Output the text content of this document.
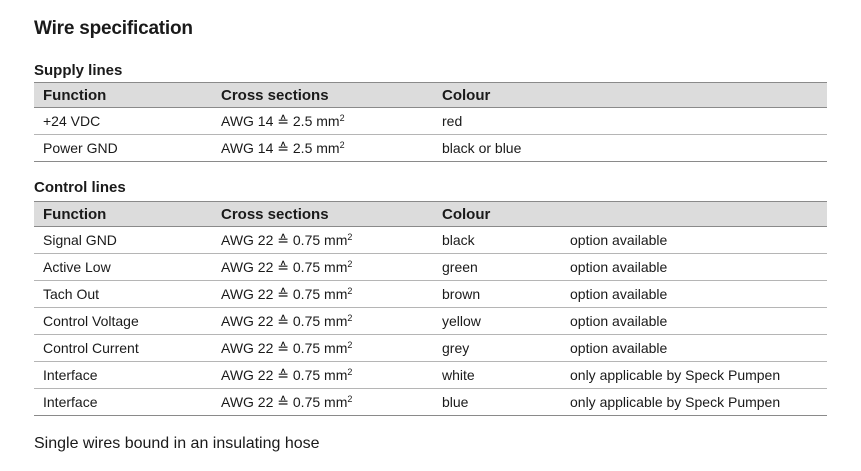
Wire specification
Supply lines
Function	Cross sections	Colour	
+24 VDC	AWG 14 ≙ 2.5 $mm^2$	red	
Power GND	AWG 14 ≙ 2.5 $mm^2$	black or blue	
Control lines
Function	Cross sections	Colour	
Signal GND	AWG 22 ≙ 0.75 $mm^2$	black	option available
Active Low	AWG 22 ≙ 0.75 $mm^2$	green	option available
Tach Out	AWG 22 ≙ 0.75 $mm^2$	brown	option available
Control Voltage	AWG 22 ≙ 0.75 $mm^2$	yellow	option available
Control Current	AWG 22 ≙ 0.75 $mm^2$	grey	option available
Interface	AWG 22 ≙ 0.75 $mm^2$	white	only applicable by Speck Pumpen
Interface	AWG 22 ≙ 0.75 $mm^2$	blue	only applicable by Speck Pumpen
Single wires bound in an insulating hose
